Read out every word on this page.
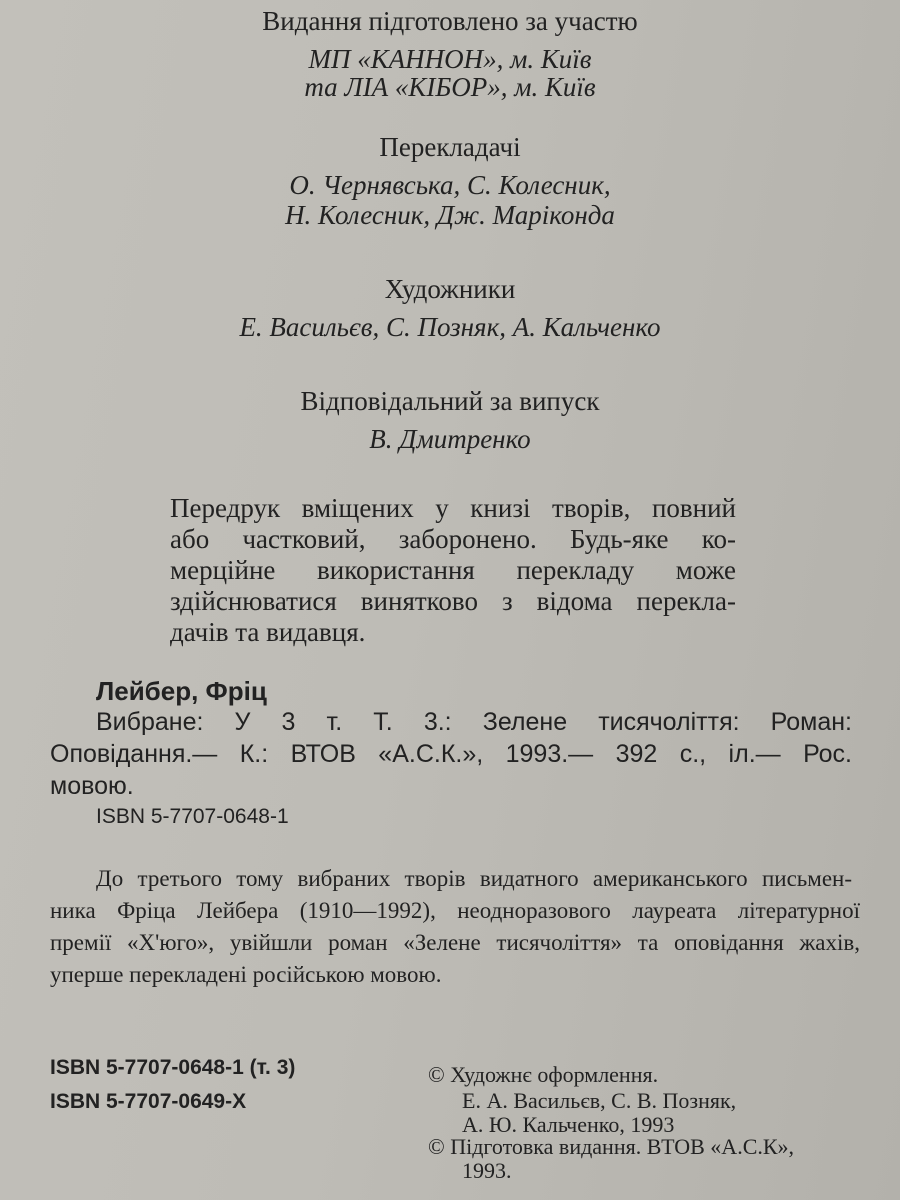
Видання підготовлено за участю
МП «КАННОН», м. Київ
та ЛІА «КІБОР», м. Київ
Перекладачі
О. Чернявська, С. Колесник,
Н. Колесник, Дж. Маріконда
Художники
Е. Васильєв, С. Позняк, А. Кальченко
Відповідальний за випуск
В. Дмитренко
Передрук вміщених у книзі творів, повний
або частковий, заборонено. Будь-яке ко-
мерційне використання перекладу може
здійснюватися винятково з відома перекла-
дачів та видавця.
Лейбер, Фріц
Вибране: У 3 т. Т. 3.: Зелене тисячоліття: Роман:
Оповідання.— К.: ВТОВ «А.С.К.», 1993.— 392 с., іл.— Рос.
мовою.
ISBN 5-7707-0648-1
До третього тому вибраних творів видатного американського письмен-
ника Фріца Лейбера (1910—1992), неодноразового лауреата літературної
премії «Х'юго», увійшли роман «Зелене тисячоліття» та оповідання жахів,
уперше перекладені російською мовою.
ISBN 5-7707-0648-1 (т. 3)
ISBN 5-7707-0649-X
© Художнє оформлення.
Е. А. Васильєв, С. В. Позняк,
А. Ю. Кальченко, 1993
© Підготовка видання. ВТОВ «А.С.К»,
1993.
